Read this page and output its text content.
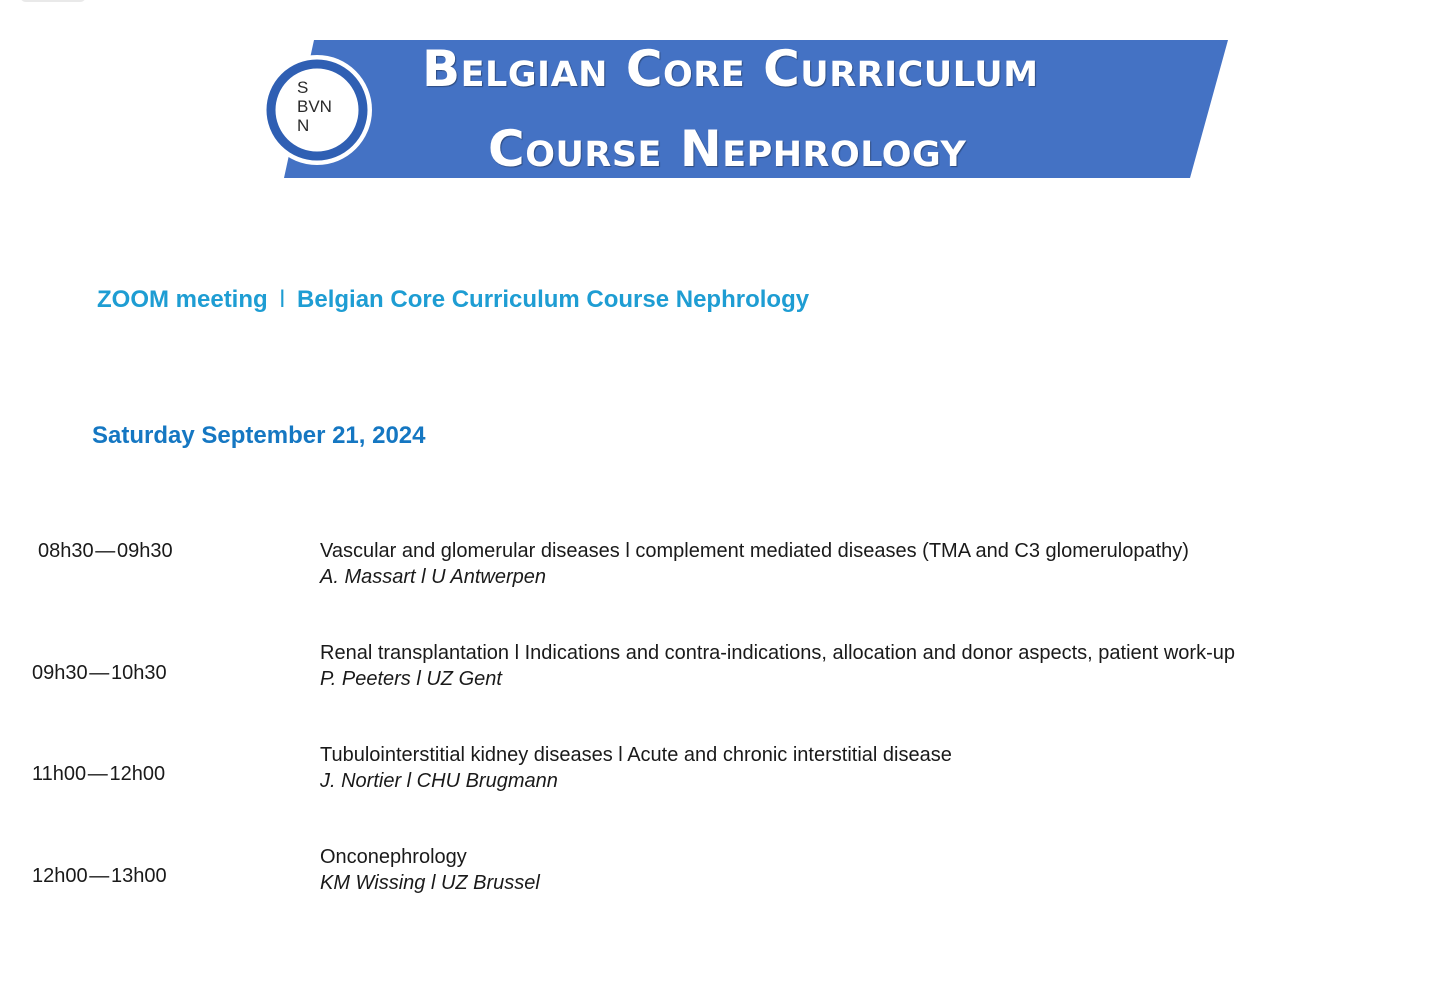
S
BVN
N
Belgian Core Curriculum
Course Nephrology
ZOOM meeting l Belgian Core Curriculum Course Nephrology
Saturday September 21, 2024
08h30 — 09h30	Vascular and glomerular diseases l complement mediated diseases (TMA and C3 glomerulopathy)
A. Massart l U Antwerpen
09h30 — 10h30
Renal transplantation l Indications and contra-indications, allocation and donor aspects, patient work-up
P. Peeters l UZ Gent
11h00 — 12h00
Tubulointerstitial kidney diseases l Acute and chronic interstitial disease
J. Nortier l CHU Brugmann
12h00 — 13h00
Onconephrology
KM Wissing l UZ Brussel
